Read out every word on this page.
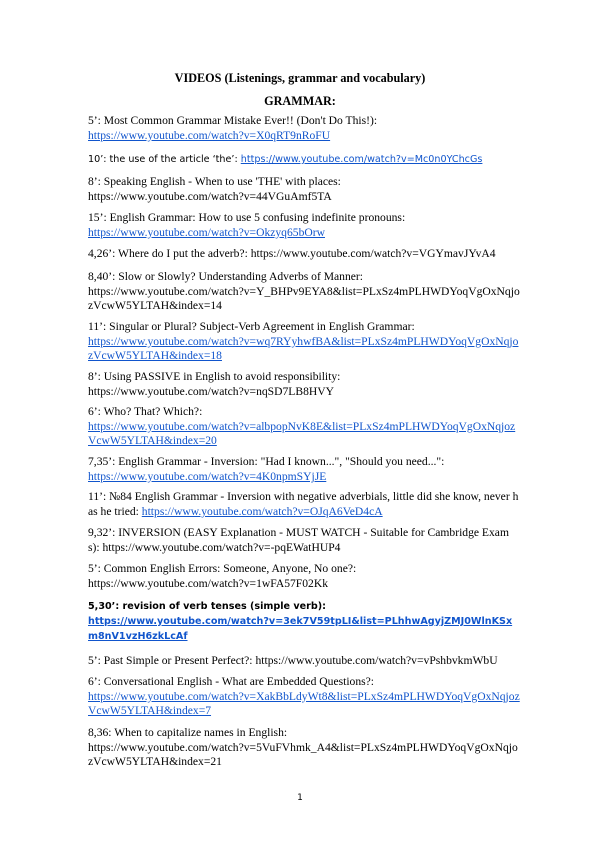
VIDEOS (Listenings, grammar and vocabulary)
GRAMMAR:
5’: Most Common Grammar Mistake Ever!! (Don't Do This!):
https://www.youtube.com/watch?v=X0qRT9nRoFU
10’: the use of the article ‘the’: https://www.youtube.com/watch?v=Mc0n0YChcGs
8’: Speaking English - When to use 'THE' with places:
https://www.youtube.com/watch?v=44VGuAmf5TA
15’: English Grammar: How to use 5 confusing indefinite pronouns:
https://www.youtube.com/watch?v=Okzyq65bOrw
4,26’: Where do I put the adverb?: https://www.youtube.com/watch?v=VGYmavJYvA4
8,40’: Slow or Slowly? Understanding Adverbs of Manner:
https://www.youtube.com/watch?v=Y_BHPv9EYA8&list=PLxSz4mPLHWDYoqVgOxNqjozVcwW5YLTAH&index=14
11’: Singular or Plural? Subject-Verb Agreement in English Grammar:
https://www.youtube.com/watch?v=wq7RYyhwfBA&list=PLxSz4mPLHWDYoqVgOxNqjozVcwW5YLTAH&index=18
8’: Using PASSIVE in English to avoid responsibility:
https://www.youtube.com/watch?v=nqSD7LB8HVY
6’: Who? That? Which?:
https://www.youtube.com/watch?v=albpopNvK8E&list=PLxSz4mPLHWDYoqVgOxNqjozVcwW5YLTAH&index=20
7,35’: English Grammar - Inversion: "Had I known...", "Should you need...":
https://www.youtube.com/watch?v=4K0npmSYjJE
11’: №84 English Grammar - Inversion with negative adverbials, little did she know, never has he tried: https://www.youtube.com/watch?v=OJqA6VeD4cA
9,32’: INVERSION (EASY Explanation - MUST WATCH - Suitable for Cambridge Exams): https://www.youtube.com/watch?v=-pqEWatHUP4
5’: Common English Errors: Someone, Anyone, No one?:
https://www.youtube.com/watch?v=1wFA57F02Kk
5,30’: revision of verb tenses (simple verb):
https://www.youtube.com/watch?v=3ek7V59tpLI&list=PLhhwAgyjZMJ0WlnKSxm8nV1vzH6zkLcAf
5’: Past Simple or Present Perfect?: https://www.youtube.com/watch?v=vPshbvkmWbU
6’: Conversational English - What are Embedded Questions?:
https://www.youtube.com/watch?v=XakBbLdyWt8&list=PLxSz4mPLHWDYoqVgOxNqjozVcwW5YLTAH&index=7
8,36: When to capitalize names in English:
https://www.youtube.com/watch?v=5VuFVhmk_A4&list=PLxSz4mPLHWDYoqVgOxNqjozVcwW5YLTAH&index=21
1
